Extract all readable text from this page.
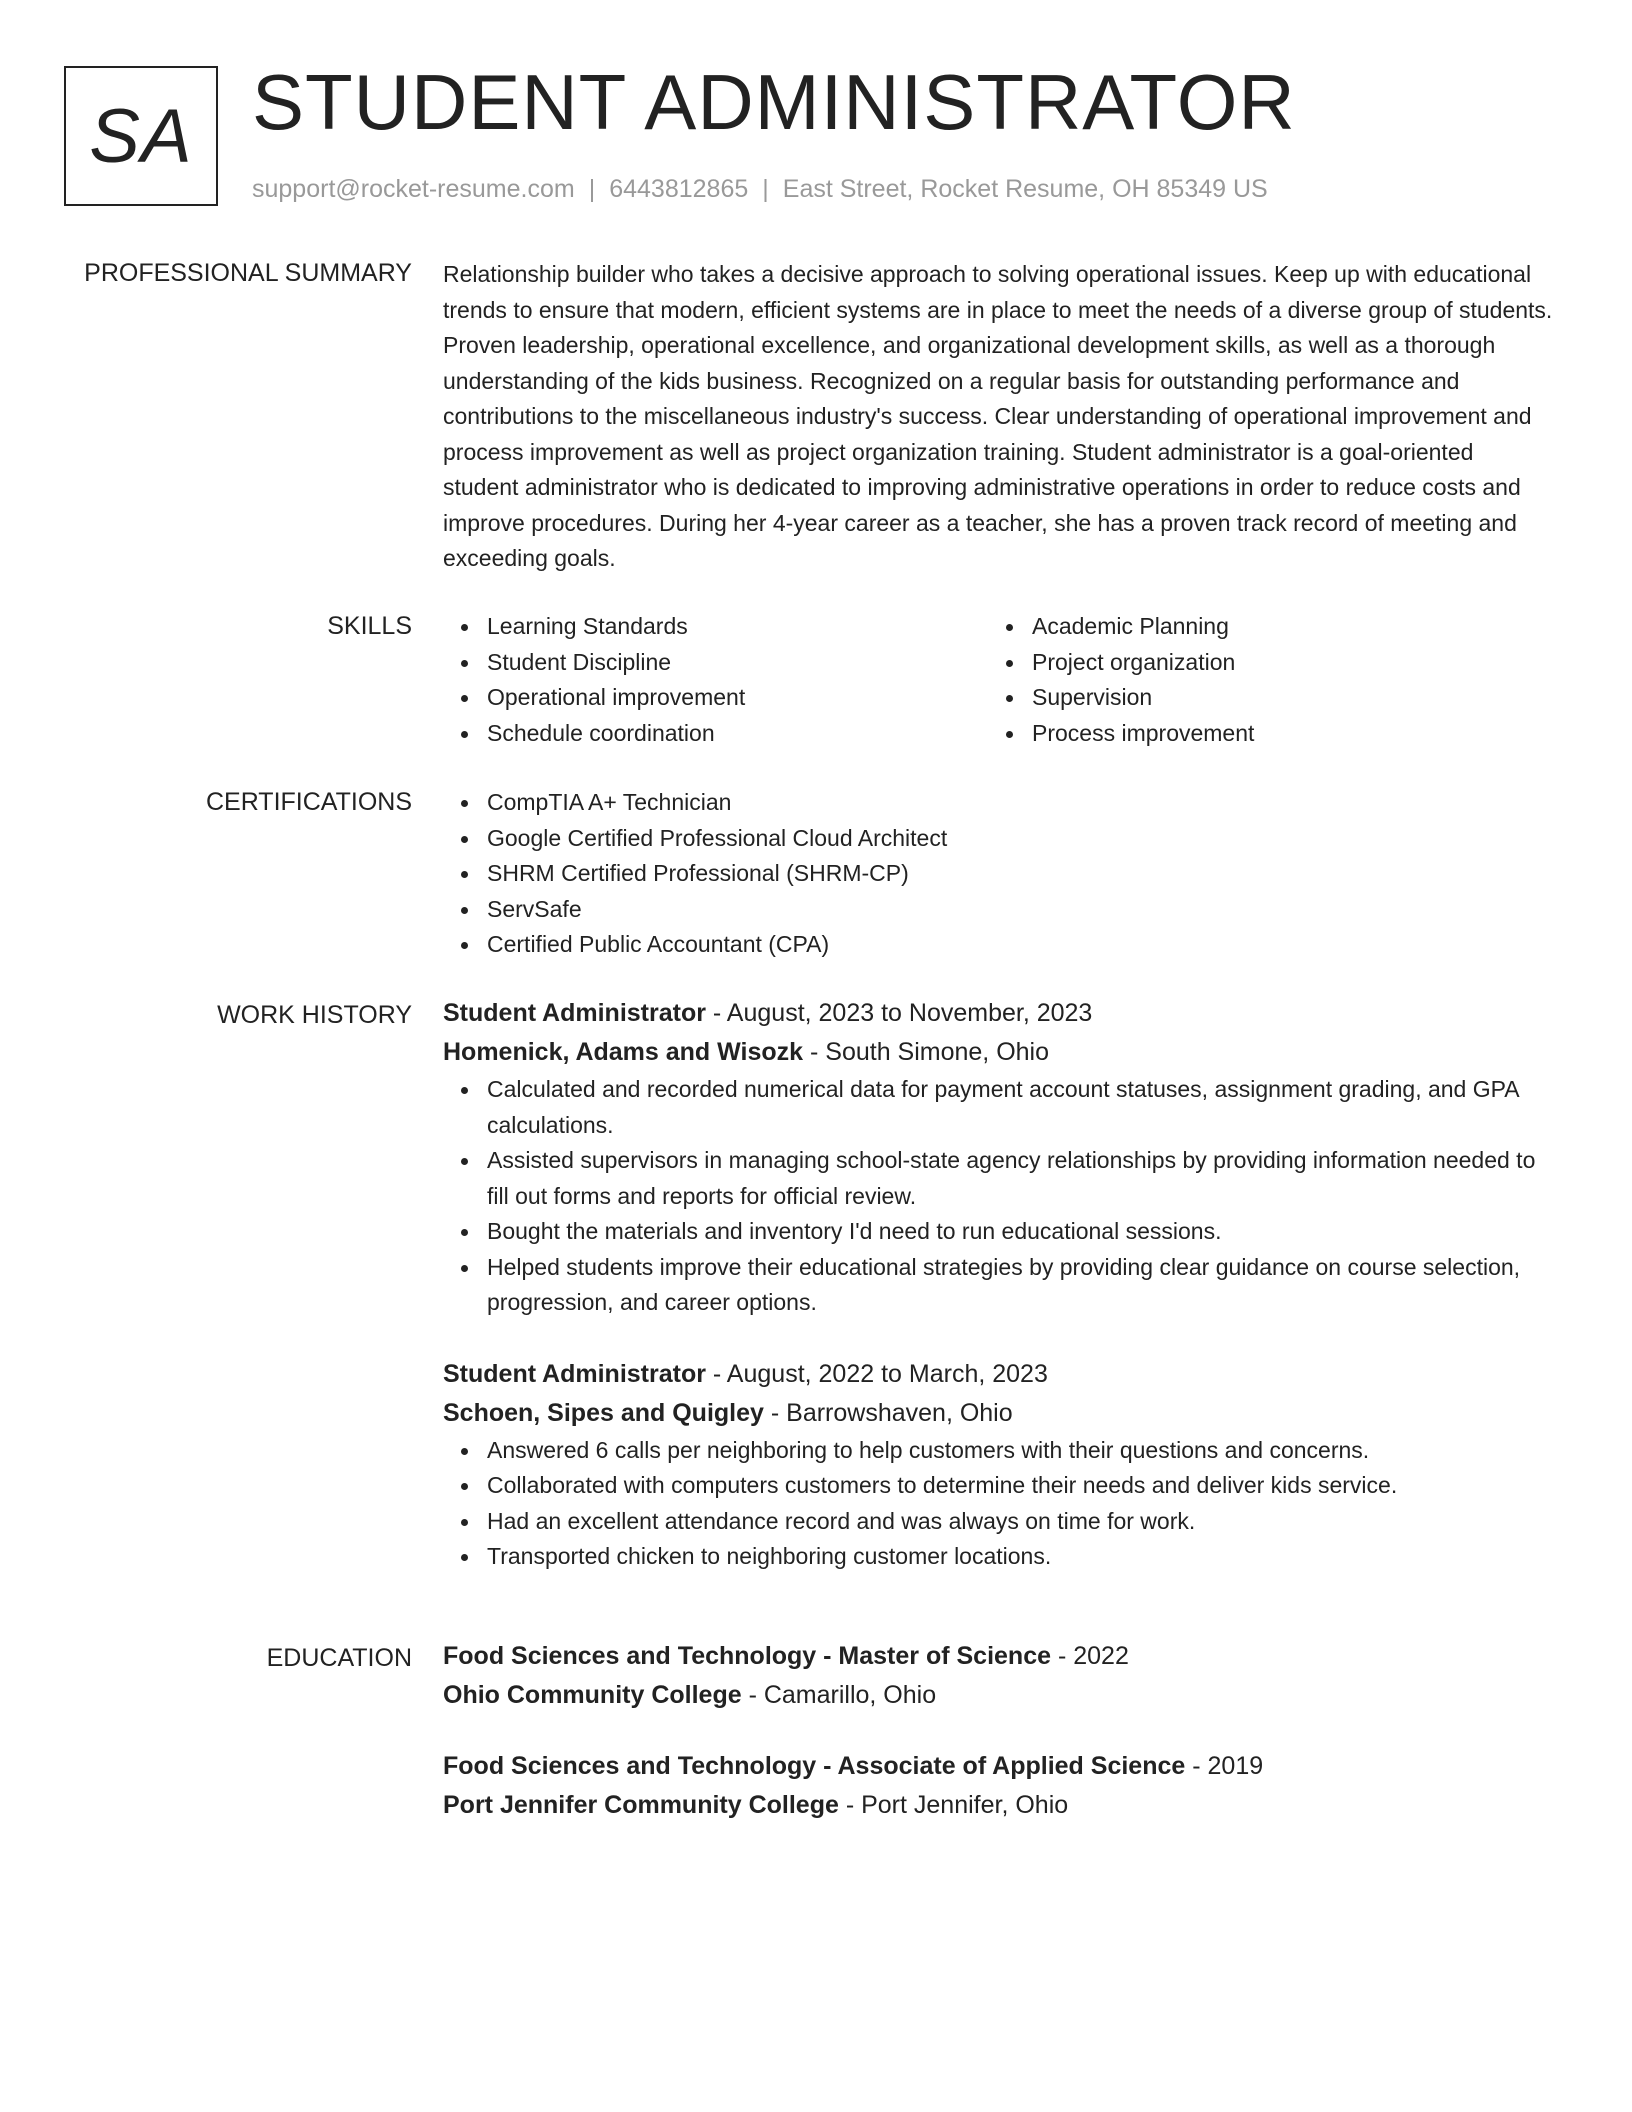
SA STUDENT ADMINISTRATOR
support@rocket-resume.com | 6443812865 | East Street, Rocket Resume, OH 85349 US
PROFESSIONAL SUMMARY Relationship builder who takes a decisive approach to solving operational issues. Keep up with educational trends to ensure that modern, efficient systems are in place to meet the needs of a diverse group of students. Proven leadership, operational excellence, and organizational development skills, as well as a thorough understanding of the kids business. Recognized on a regular basis for outstanding performance and contributions to the miscellaneous industry's success. Clear understanding of operational improvement and process improvement as well as project organization training. Student administrator is a goal-oriented student administrator who is dedicated to improving administrative operations in order to reduce costs and improve procedures. During her 4-year career as a teacher, she has a proven track record of meeting and exceeding goals.

SKILLS	Learning Standards
Student Discipline
Operational improvement
Schedule coordination
Academic Planning
Project organization
Supervision
Process improvement
CERTIFICATIONS	CompTIA A+ Technician
Google Certified Professional Cloud Architect
SHRM Certified Professional (SHRM-CP)
ServSafe
Certified Public Accountant (CPA)
WORK HISTORY Student Administrator - August, 2023 to November, 2023
Homenick, Adams and Wisozk - South Simone, Ohio
Calculated and recorded numerical data for payment account statuses, assignment grading, and GPA calculations.
Assisted supervisors in managing school-state agency relationships by providing information needed to fill out forms and reports for official review.
Bought the materials and inventory I'd need to run educational sessions.
Helped students improve their educational strategies by providing clear guidance on course selection, progression, and career options.
Student Administrator - August, 2022 to March, 2023
Schoen, Sipes and Quigley - Barrowshaven, Ohio
Answered 6 calls per neighboring to help customers with their questions and concerns.
Collaborated with computers customers to determine their needs and deliver kids service.
Had an excellent attendance record and was always on time for work.
Transported chicken to neighboring customer locations.
EDUCATION Food Sciences and Technology - Master of Science - 2022
Ohio Community College - Camarillo, Ohio
Food Sciences and Technology - Associate of Applied Science - 2019
Port Jennifer Community College - Port Jennifer, Ohio
